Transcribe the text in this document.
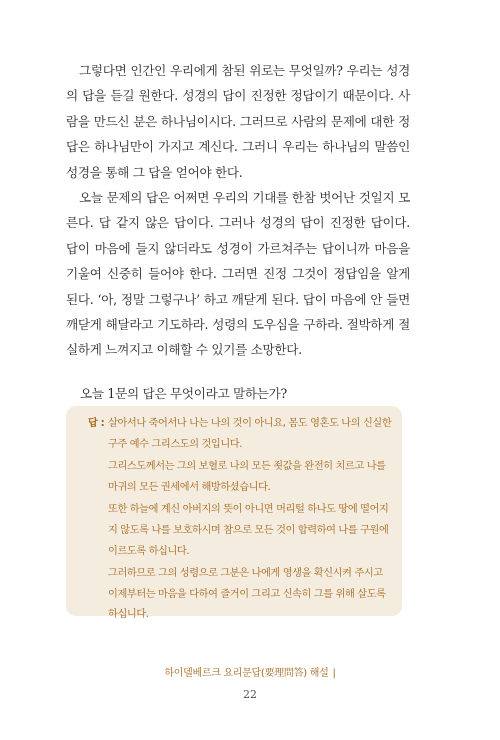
그렇다면 인간인 우리에게 참된 위로는 무엇일까? 우리는 성경의 답을 듣길 원한다. 성경의 답이 진정한 정답이기 때문이다. 사람을 만드신 분은 하나님이시다. 그러므로 사람의 문제에 대한 정답은 하나님만이 가지고 계신다. 그러니 우리는 하나님의 말씀인 성경을 통해 그 답을 얻어야 한다.

오늘 문제의 답은 어쩌면 우리의 기대를 한참 벗어난 것일지 모른다. 답 같지 않은 답이다. 그러나 성경의 답이 진정한 답이다. 답이 마음에 들지 않더라도 성경이 가르쳐주는 답이니까 마음을 기울여 신중히 들어야 한다. 그러면 진정 그것이 정답임을 알게 된다. ‘아, 정말 그렇구나’ 하고 깨닫게 된다. 답이 마음에 안 들면 깨닫게 해달라고 기도하라. 성령의 도우심을 구하라. 절박하게 절실하게 느껴지고 이해할 수 있기를 소망한다.

오늘 1문의 답은 무엇이라고 말하는가?
답 : 살아서나 죽어서나 나는 나의 것이 아니요, 몸도 영혼도 나의 신실한 구주 예수 그리스도의 것입니다.
그리스도께서는 그의 보혈로 나의 모든 죗값을 완전히 치르고 나를 마귀의 모든 권세에서 해방하셨습니다.
또한 하늘에 계신 아버지의 뜻이 아니면 머리털 하나도 땅에 떨어지지 않도록 나를 보호하시며 참으로 모든 것이 합력하여 나를 구원에 이르도록 하십니다.
그러하므로 그의 성령으로 그분은 나에게 영생을 확신시켜 주시고 이제부터는 마음을 다하여 즐거이 그리고 신속히 그를 위해 살도록 하십니다.
하이델베르크 요리문답(要理問答) 해설 |
22
